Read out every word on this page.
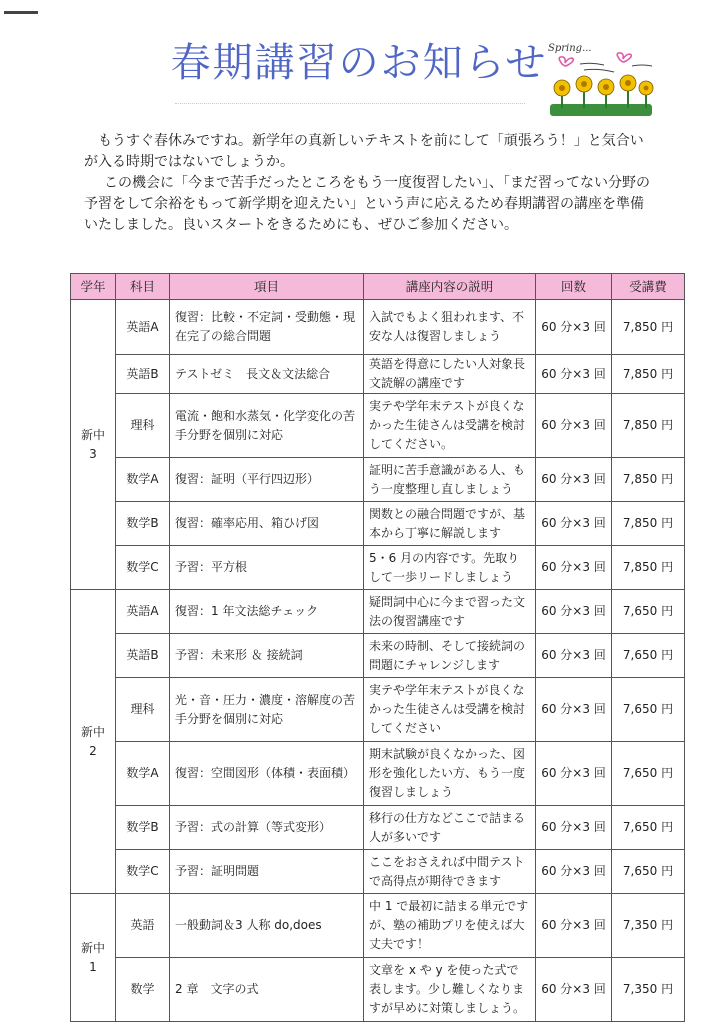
春期講習のお知らせ Spring...

もうすぐ春休みですね。新学年の真新しいテキストを前にして「頑張ろう！」と気合いが入る時期ではないでしょうか。

この機会に「今まで苦手だったところをもう一度復習したい」、「まだ習ってない分野の予習をして余裕をもって新学期を迎えたい」という声に応えるため春期講習の講座を準備いたしました。良いスタートをきるためにも、ぜひご参加ください。

学年	科目	項目	講座内容の説明	回数	受講費
新中
3	英語A	復習：比較・不定詞・受動態・現在完了の総合問題	入試でもよく狙われます、不安な人は復習しましょう	60 分×3 回	7,850 円
	英語B	テストゼミ　長文＆文法総合	英語を得意にしたい人対象長文読解の講座です	60 分×3 回	7,850 円
	理科	電流・飽和水蒸気・化学変化の苦手分野を個別に対応	実テや学年末テストが良くなかった生徒さんは受講を検討してください。	60 分×3 回	7,850 円
	数学A	復習：証明（平行四辺形）	証明に苦手意識がある人、もう一度整理し直しましょう	60 分×3 回	7,850 円
	数学B	復習：確率応用、箱ひげ図	関数との融合問題ですが、基本から丁寧に解説します	60 分×3 回	7,850 円
	数学C	予習：平方根	5・6 月の内容です。先取りして一歩リードしましょう	60 分×3 回	7,850 円
新中
2	英語A	復習：1 年文法総チェック	疑問詞中心に今まで習った文法の復習講座です	60 分×3 回	7,650 円
	英語B	予習：未来形 ＆ 接続詞	未来の時制、そして接続詞の問題にチャレンジします	60 分×3 回	7,650 円
	理科	光・音・圧力・濃度・溶解度の苦手分野を個別に対応	実テや学年末テストが良くなかった生徒さんは受講を検討してください	60 分×3 回	7,650 円
	数学A	復習：空間図形（体積・表面積）	期末試験が良くなかった、図形を強化したい方、もう一度復習しましょう	60 分×3 回	7,650 円
	数学B	予習：式の計算（等式変形）	移行の仕方などここで詰まる人が多いです	60 分×3 回	7,650 円
	数学C	予習：証明問題	ここをおさえれば中間テストで高得点が期待できます	60 分×3 回	7,650 円
新中
1	英語	一般動詞＆3 人称 do,does	中 1 で最初に詰まる単元ですが、塾の補助プリを使えば大丈夫です！	60 分×3 回	7,350 円
	数学	2 章　文字の式	文章を x や y を使った式で表します。少し難しくなりますが早めに対策しましょう。	60 分×3 回	7,350 円
